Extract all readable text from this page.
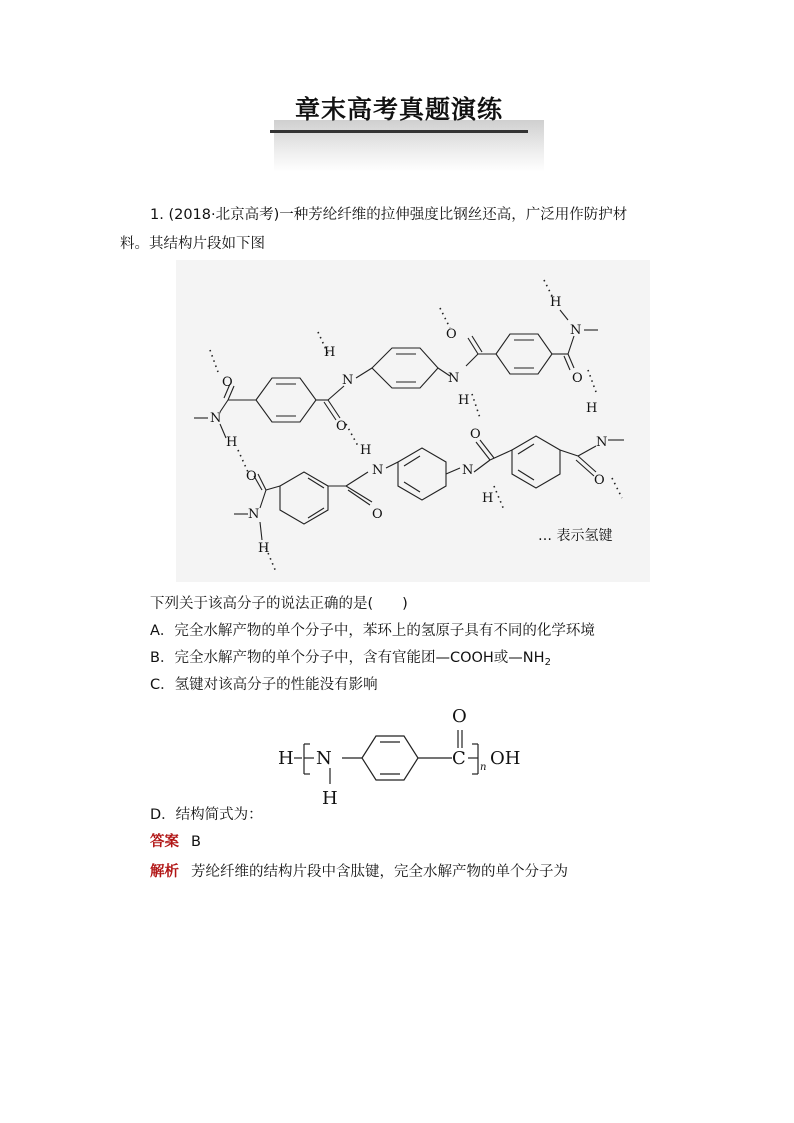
章末高考真题演练
1. (2018·北京高考)一种芳纶纤维的拉伸强度比钢丝还高，广泛用作防护材
料。其结构片段如下图
N
H
O	N
H
O
N
H
O	N
H
O
N
H
O	N
H
O
N
H
O
N
H
O
… 表示氢键
下列关于该高分子的说法正确的是(　　)
A．完全水解产物的单个分子中，苯环上的氢原子具有不同的化学环境
B．完全水解产物的单个分子中，含有官能团—COOH或$—NH_2$
C．氢键对该高分子的性能没有影响
H N
H
C
O
n OH
D．结构简式为：
答案 B
解析 芳纶纤维的结构片段中含肽键，完全水解产物的单个分子为
